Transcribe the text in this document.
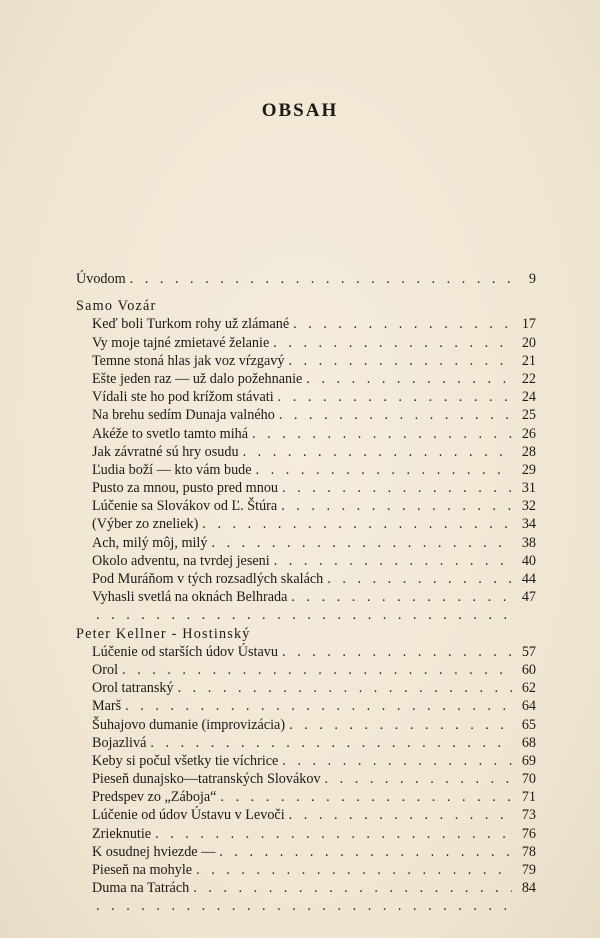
OBSAH
Úvodom . . .	9
Samo Vozár
Keď boli Turkom rohy už zlámané . . .	17
Vy moje tajné zmietavé želanie . . .	20
Temne stoná hlas jak voz vŕzgavý . . .	21
Ešte jeden raz — už dalo požehnanie . . .	22
Vídali ste ho pod krížom stávati . . .	24
Na brehu sedím Dunaja valného . . .	25
Akéže to svetlo tamto mihá . . .	26
Jak závratné sú hry osudu . . .	28
Ľudia boží — kto vám bude . . .	29
Pusto za mnou, pusto pred mnou . . .	31
Lúčenie sa Slovákov od Ľ. Štúra . . .	32
(Výber zo zneliek) . . .	34
Ach, milý môj, milý . . .	38
Okolo adventu, na tvrdej jeseni . . .	40
Pod Muráňom v tých rozsadlých skalách . . .	44
Vyhasli svetlá na oknách Belhrada . . .	47
. . .
Peter Kellner - Hostinský
Lúčenie od starších údov Ústavu . . .	57
Orol . . .	60
Orol tatranský . . .	62
Marš . . .	64
Šuhajovo dumanie (improvizácia) . . .	65
Bojazlivá . . .	68
Keby si počul všetky tie víchrice . . .	69
Pieseň dunajsko—tatranských Slovákov . . .	70
Predspev zo „Záboja“ . . .	71
Lúčenie od údov Ústavu v Levoči . . .	73
Zrieknutie . . .	76
K osudnej hviezde — . . .	78
Pieseň na mohyle . . .	79
Duma na Tatrách . . .	84
. . .
